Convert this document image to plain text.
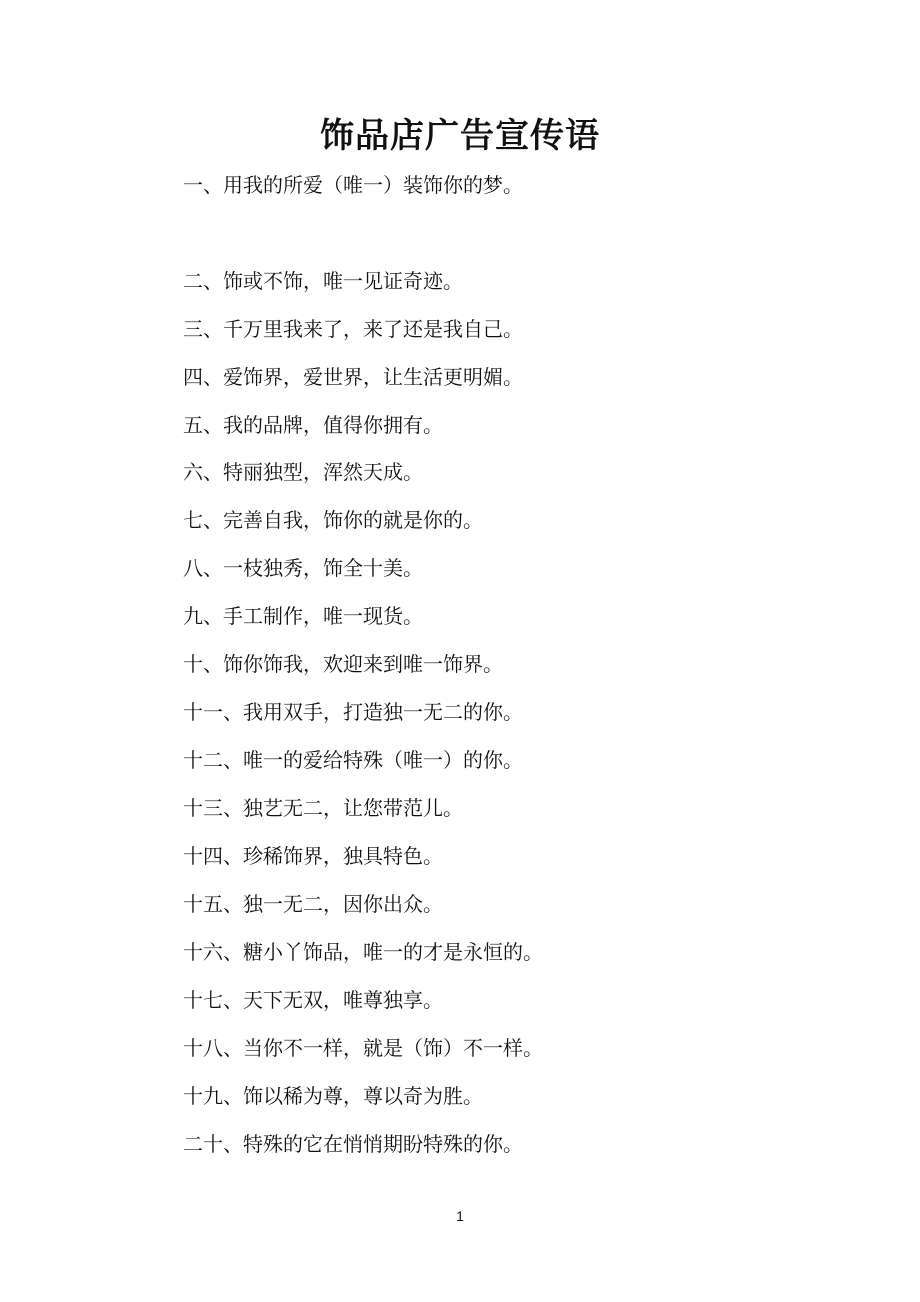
饰品店广告宣传语
一、用我的所爱（唯一）装饰你的梦。
二、饰或不饰，唯一见证奇迹。
三、千万里我来了，来了还是我自己。
四、爱饰界，爱世界，让生活更明媚。
五、我的品牌，值得你拥有。
六、特丽独型，浑然天成。
七、完善自我，饰你的就是你的。
八、一枝独秀，饰全十美。
九、手工制作，唯一现货。
十、饰你饰我，欢迎来到唯一饰界。
十一、我用双手，打造独一无二的你。
十二、唯一的爱给特殊（唯一）的你。
十三、独艺无二，让您带范儿。
十四、珍稀饰界，独具特色。
十五、独一无二，因你出众。
十六、糖小丫饰品，唯一的才是永恒的。
十七、天下无双，唯尊独享。
十八、当你不一样，就是（饰）不一样。
十九、饰以稀为尊，尊以奇为胜。
二十、特殊的它在悄悄期盼特殊的你。
1
